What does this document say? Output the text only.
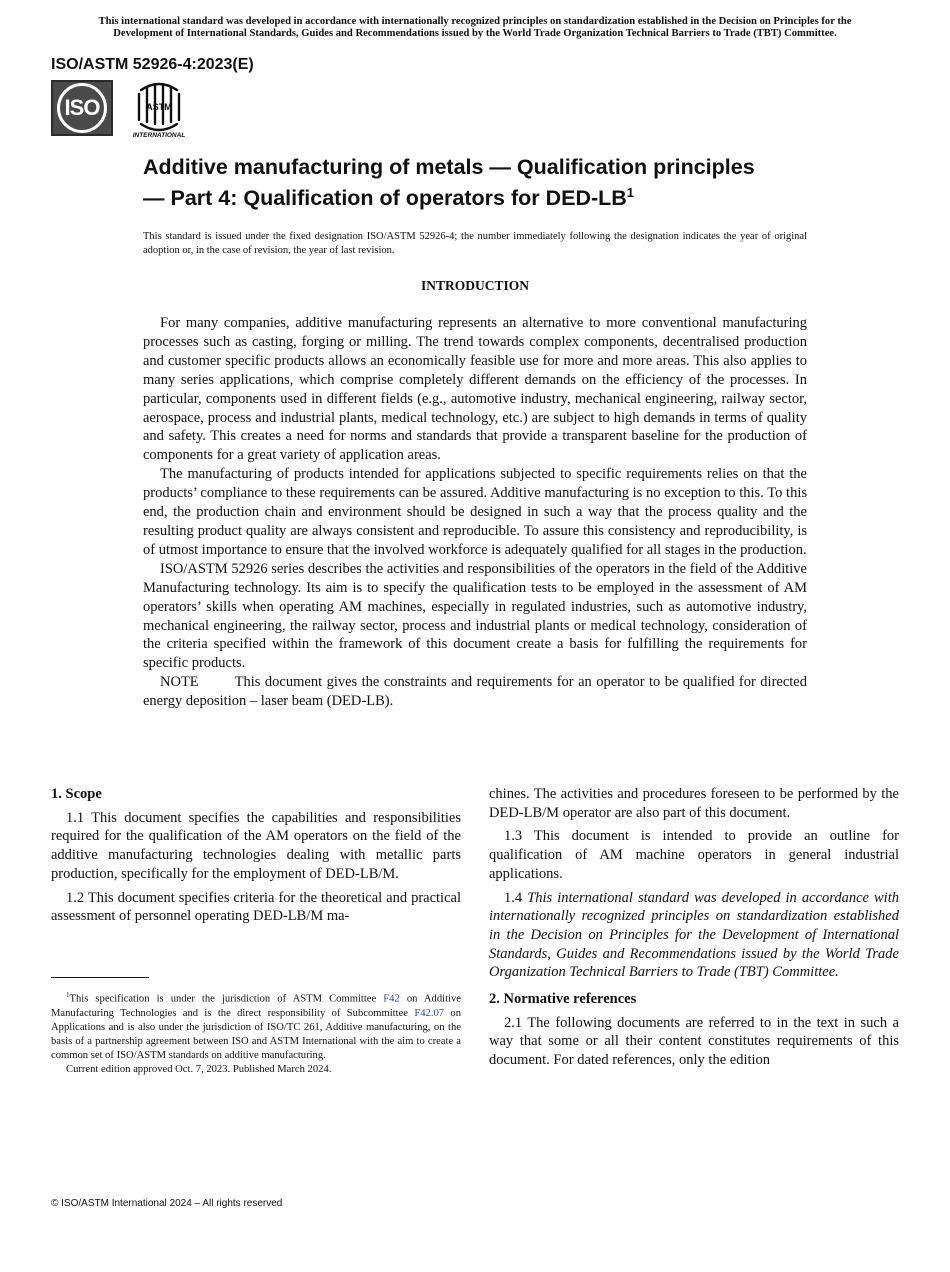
This international standard was developed in accordance with internationally recognized principles on standardization established in the Decision on Principles for the
Development of International Standards, Guides and Recommendations issued by the World Trade Organization Technical Barriers to Trade (TBT) Committee.
ISO/ASTM 52926-4:2023(E)
ISO	ASTM
INTERNATIONAL
Additive manufacturing of metals — Qualification principles
— Part 4: Qualification of operators for DED-$LB^1$
This standard is issued under the fixed designation ISO/ASTM 52926-4; the number immediately following the designation indicates the year of original adoption or, in the case of revision, the year of last revision.
INTRODUCTION

For many companies, additive manufacturing represents an alternative to more conventional manufacturing processes such as casting, forging or milling. The trend towards complex components, decentralised production and customer specific products allows an economically feasible use for more and more areas. This also applies to many series applications, which comprise completely different demands on the efficiency of the processes. In particular, components used in different fields (e.g., automotive industry, mechanical engineering, railway sector, aerospace, process and industrial plants, medical technology, etc.) are subject to high demands in terms of quality and safety. This creates a need for norms and standards that provide a transparent baseline for the production of components for a great variety of application areas.

The manufacturing of products intended for applications subjected to specific requirements relies on that the products’ compliance to these requirements can be assured. Additive manufacturing is no exception to this. To this end, the production chain and environment should be designed in such a way that the process quality and the resulting product quality are always consistent and reproducible. To assure this consistency and reproducibility, is of utmost importance to ensure that the involved workforce is adequately qualified for all stages in the production.

ISO/ASTM 52926 series describes the activities and responsibilities of the operators in the field of the Additive Manufacturing technology. Its aim is to specify the qualification tests to be employed in the assessment of AM operators’ skills when operating AM machines, especially in regulated industries, such as automotive industry, mechanical engineering, the railway sector, process and industrial plants or medical technology, consideration of the criteria specified within the framework of this document create a basis for fulfilling the requirements for specific products.

NOTE This document gives the constraints and requirements for an operator to be qualified for directed energy deposition – laser beam (DED-LB).

1. Scope

1.1 This document specifies the capabilities and responsibilities required for the qualification of the AM operators on the field of the additive manufacturing technologies dealing with metallic parts production, specifically for the employment of DED-LB/M.

1.2 This document specifies criteria for the theoretical and practical assessment of personnel operating DED-LB/M ma-

chines. The activities and procedures foreseen to be performed by the DED-LB/M operator are also part of this document.

1.3 This document is intended to provide an outline for qualification of AM machine operators in general industrial applications.

1.4 This international standard was developed in accordance with internationally recognized principles on standardization established in the Decision on Principles for the Development of International Standards, Guides and Recommendations issued by the World Trade Organization Technical Barriers to Trade (TBT) Committee.

2. Normative references

2.1 The following documents are referred to in the text in such a way that some or all their content constitutes requirements of this document. For dated references, only the edition

$^1$This specification is under the jurisdiction of ASTM Committee F42 on Additive Manufacturing Technologies and is the direct responsibility of Subcommittee F42.07 on Applications and is also under the jurisdiction of ISO/TC 261, Additive manufacturing, on the basis of a partnership agreement between ISO and ASTM International with the aim to create a common set of ISO/ASTM standards on additive manufacturing.

Current edition approved Oct. 7, 2023. Published March 2024.

© ISO/ASTM International 2024 – All rights reserved
